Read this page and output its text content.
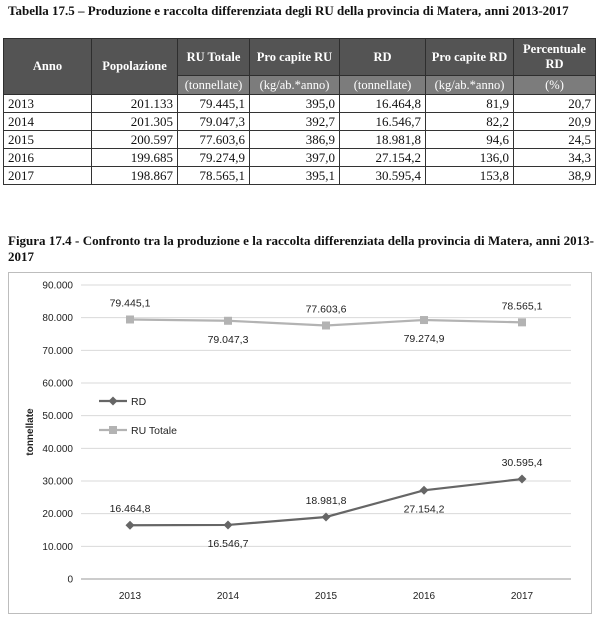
Tabella 17.5 – Produzione e raccolta differenziata degli RU della provincia di Matera, anni 2013-2017
Anno	Popolazione	RU Totale	Pro capite RU	RD	Pro capite RD	Percentuale RD
		(tonnellate)	(kg/ab.*anno)	(tonnellate)	(kg/ab.*anno)	(%)
2013	201.133	79.445,1	395,0	16.464,8	81,9	20,7
2014	201.305	79.047,3	392,7	16.546,7	82,2	20,9
2015	200.597	77.603,6	386,9	18.981,8	94,6	24,5
2016	199.685	79.274,9	397,0	27.154,2	136,0	34,3
2017	198.867	78.565,1	395,1	30.595,4	153,8	38,9
Figura 17.4 - Confronto tra la produzione e la raccolta differenziata della provincia di Matera, anni 2013-2017
0
10.000
20.000
30.000
40.000
50.000
60.000
70.000
80.000
90.000
2013	2014	2015	2016	2017
tonnellate
79.445,1
79.047,3
77.603,6
79.274,9
78.565,1
16.464,8
16.546,7
18.981,8
27.154,2
30.595,4
RD
RU Totale
